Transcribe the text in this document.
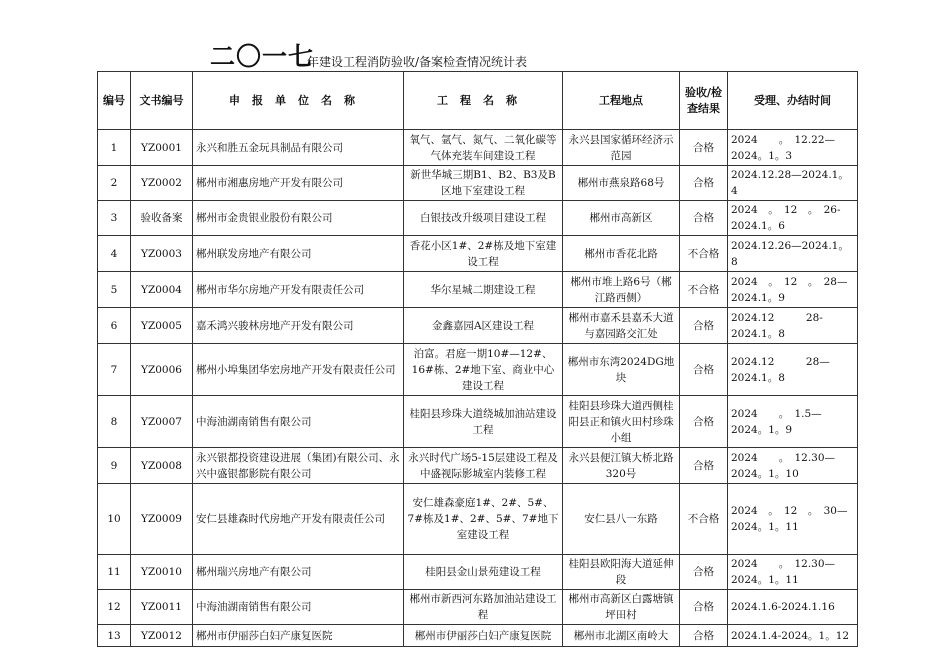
二〇一七
年建设工程消防验收/备案检查情况统计表
编号	文书编号	申报单位名称	工程名称	工程地点	验收/检查结果	受理、办结时间
1	YZ0001	永兴和胜五金玩具制品有限公司	氧气、氩气、氮气、二氧化碳等气体充装车间建设工程	永兴县国家循环经济示范园	合格	2024　　。　12.22—2024。1。3
2	YZ0002	郴州市湘惠房地产开发有限公司	新世华城三期B1、B2、B3及B区地下室建设工程	郴州市燕泉路68号	合格	2024.12.28—2024.1。4
3	验收备案	郴州市金贵银业股份有限公司	白银技改升级项目建设工程	郴州市高新区	合格	2024　。　12　。　26-2024.1。6
4	YZ0003	郴州联发房地产有限公司	香花小区1#、2#栋及地下室建设工程	郴州市香花北路	不合格	2024.12.26—2024.1。8
5	YZ0004	郴州市华尔房地产开发有限责任公司	华尔星城二期建设工程	郴州市堆上路6号（郴江路西侧）	不合格	2024　。　12　。　28—2024.1。9
6	YZ0005	嘉禾鸿兴骏林房地产开发有限公司	金鑫嘉园A区建设工程	郴州市嘉禾县嘉禾大道与嘉园路交汇处	合格	2024.12　　　28-2024.1。8
7	YZ0006	郴州小埠集团华宏房地产开发有限责任公司	泊富。君庭一期10#—12#、16#栋、2#地下室、商业中心建设工程	郴州市东湾2024DG地块	合格	2024.12　　　28—2024.1。8
8	YZ0007	中海油湖南销售有限公司	桂阳县珍珠大道绕城加油站建设工程	桂阳县珍珠大道西侧桂阳县正和镇火田村珍珠小组	合格	2024　　。　1.5—2024。1。9
9	YZ0008	永兴银都投资建设进展（集团)有限公司、永兴中盛银都影院有限公司	永兴时代广场5-15层建设工程及中盛视际影城室内装修工程	永兴县便江镇大桥北路320号	合格	2024　　。　12.30—2024。1。10
10	YZ0009	安仁县雄森时代房地产开发有限责任公司	安仁雄森豪庭1#、2#、5#、7#栋及1#、2#、5#、7#地下室建设工程	安仁县八一东路	不合格	2024　。　12　。　30—2024。1。11
11	YZ0010	郴州瑞兴房地产有限公司	桂阳县金山景苑建设工程	桂阳县欧阳海大道延伸段	合格	2024　　。　12.30—2024。1。11
12	YZ0011	中海油湖南销售有限公司	郴州市新西河东路加油站建设工程	郴州市高新区白露塘镇坪田村	合格	2024.1.6-2024.1.16
13	YZ0012	郴州市伊丽莎白妇产康复医院	郴州市伊丽莎白妇产康复医院	郴州市北湖区南岭大	合格	2024.1.4-2024。1。12
